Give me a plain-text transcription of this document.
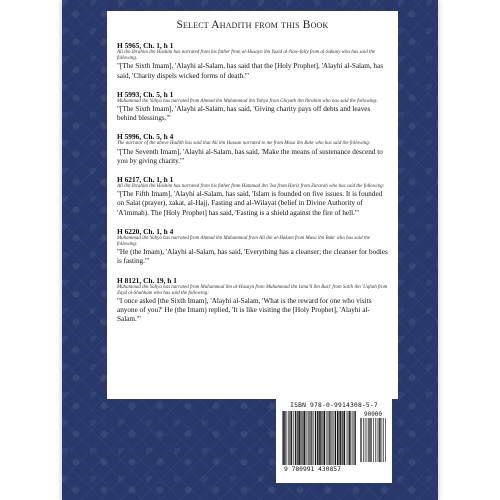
Select Ahadith from this Book
H 5965, Ch. 1, h 1
Ali ibn Ibrahim ibn Hashim has narrated from his father from al-Husayn ibn Yazid al-Naw-fally from al-Sakuny who has said the following.
"[The Sixth Imam], 'Alayhi al-Salam, has said that the [Holy Prophet], 'Alayhi al-Salam, has said, 'Charity dispels wicked forms of death.'"
H 5993, Ch. 5, h 1
Muhammad ibn Yahya has narrated from Ahmad ibn Muhammad ibn Yahya from Ghiyath ibn Ibrahim who has said the following:
"[The Sixth Imam], 'Alayhi al-Salam, has said, 'Giving charity pays off debts and leaves behind blessings.'"
H 5996, Ch. 5, h 4
The narrator of the above Hadith has said that Ali ibn Hassan narrated to me from Musa ibn Bakr who has said the following:
"[The Seventh Imam], 'Alayhi al-Salam, has said, 'Make the means of sustenance descend to you by giving charity.'"
H 6217, Ch. 1, h 1
Ali ibn Ibrahim ibn Hashim has narrated from his father from Hammad ibn 'Isa from Hariz from Zurarah who has said the following:
"[The Fifth Imam], 'Alayhi al-Salam, has said, 'Islam is founded on five issues. It is founded on Salat (prayer), zakat, al-Hajj, Fasting and al-Wilayat (belief in Divine Authority of 'A'immah). The [Holy Prophet] has said, 'Fasting is a shield against the fire of hell.'"
H 6220, Ch. 1, h 4
Muhammad ibn Yahya has narrated from Ahmad ibn Muhammad from Ali ibn al-Hakam from Musa ibn Bakr who has said the following:
"He (the Imam), 'Alayhi al-Salam, has said, 'Everything has a cleanser; the cleanser for bodies is fasting.'"
H 8121, Ch. 19, h 1
Muhammad ibn Yahya has narrated from Muhammad ibn al-Husayn from Muhammad ibn Isma'il ibn Bazi' from Salih ibn 'Uqbah from Zayd al-Shahham who has said the following:
"I once asked [the Sixth Imam], 'Alayhi al-Salam, 'What is the reward for one who visits anyone of you?' He (the Imam) replied, 'It is like visiting the [Holy Prophet], 'Alayhi al-Salam.'"
ISBN 978-0-9914308-5-7
90000
9 780991 430857
